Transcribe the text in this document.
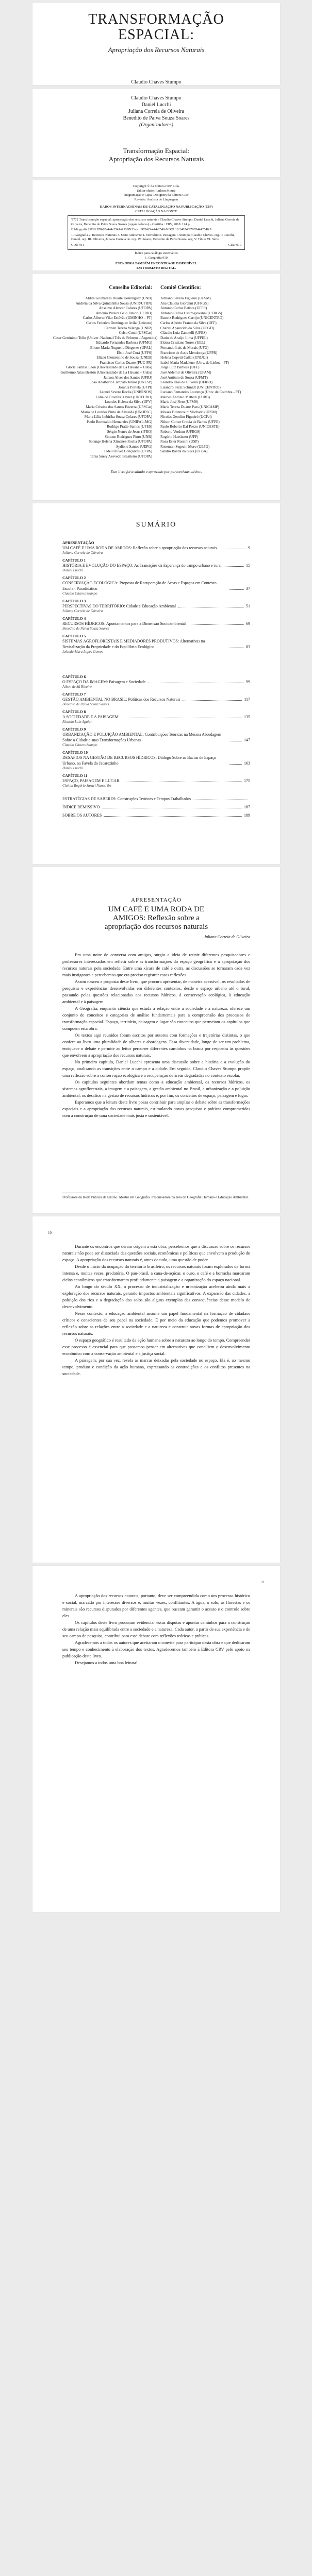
TRANSFORMAÇÃO
ESPACIAL:
Apropriação dos Recursos Naturais
Claudio Chaves Stumpo
Claudio Chaves Stumpo
Daniel Lucchi
Juliana Correia de Oliveira
Benedito de Paiva Souza Soares
(Organizadores)
Transformação Espacial:
Apropriação dos Recursos Naturais
Copyright © da Editora CRV Ltda.
Editor-chefe: Railson Moura
Diagramação e Capa: Designers da Editora CRV
Revisão: Analista de Linguagem
DADOS INTERNACIONAIS DE CATALOGAÇÃO NA PUBLICAÇÃO (CIP)
CATALOGAÇÃO NA FONTE
T772 Transformação espacial: apropriação dos recursos naturais / Claudio Chaves Stumpo, Daniel Lucchi, Juliana Correia de Oliveira, Benedito de Paiva Souza Soares (organizadores) – Curitiba : CRV, 2018. 194 p.
Bibliografia ISBN 978-85-444-2541-6 ISBN Físico 978-85-444-2540-9 DOI 10.24824/978854442540.9
1. Geografia 2. Recursos Naturais 3. Meio Ambiente 4. Território 5. Paisagem I. Stumpo, Claudio Chaves. org. II. Lucchi, Daniel. org. III. Oliveira, Juliana Correia de. org. IV. Soares, Benedito de Paiva Souza. org. V. Título VI. Série
CDU 911	CDD 910
Índice para catálogo sistemático
1. Geografia 910
ESTA OBRA TAMBÉM ENCONTRA-SE DISPONÍVEL
EM FORMATO DIGITAL.
Conselho Editorial: Comitê Científico:
Aldira Guimarães Duarte Domínguez (UNB)
Andréia da Silva Quintanilha Sousa (UNIR/UFRN)
Anselmo Alencar Colares (UFOPA)
Antônio Pereira Gaio Júnior (UFRRJ)
Carlos Alberto Vilar Estêvão (UMINHO – PT)
Carlos Federico Dominguez Avila (Unieuro)
Carmen Tereza Velanga (UNIR)
Celso Conti (UFSCar)
Cesar Gerónimo Tello (Univer .Nacional Três de Febrero – Argentina)
Eduardo Fernandes Barbosa (UFMG)
Elione Maria Nogueira Diogenes (UFAL)
Élsio José Corá (UFFS)
Elizeu Clementino de Souza (UNEB)
Francisco Carlos Duarte (PUC-PR)
Gloria Fariñas León (Universidade de La Havana – Cuba)
Guillermo Arias Beatón (Universidade de La Havana – Cuba)
Jailson Alves dos Santos (UFRJ)
João Adalberto Campato Junior (UNESP)
Josania Portela (UFPI)
Leonel Severo Rocha (UNISINOS)
Lídia de Oliveira Xavier (UNIEURO)
Lourdes Helena da Silva (UFV)
Maria Cristina dos Santos Bezerra (UFSCar)
Maria de Lourdes Pinto de Almeida (UNOESC)
Maria Lília Imbiriba Sousa Colares (UFOPA)
Paulo Romualdo Hernandes (UNIFAL-MG)
Rodrigo Pratte-Santos (UFES)
Sérgio Nunes de Jesus (IFRO)
Simone Rodrigues Pinto (UNB)
Solange Helena Ximenes-Rocha (UFOPA)
Sydione Santos (UEPG)
Tadeu Oliver Gonçalves (UFPA)
Tania Suely Azevedo Brasileiro (UFOPA)
Adriano Severo Figueiró (UFSM)
Ana Cláudia Giordani (UFRGS)
Antonio Carlos Batista (UFPR)
Antonio Carlos Castrogiovanni (UFRGS)
Beatriz Rodrigues Carrijo (UNICENTRO)
Carlos Alberto Franco da Silva (UFF)
Charlei Aparecido da Silva (UFGD)
Cláudio Luiz Zanotelli (UFES)
Dario de Araújo Lima (UFPEL)
Eloiza Cristiane Torres (UEL)
Fernando Luis de Morais (UFG)
Francisco de Assis Mendonça (UFPR)
Helena Copetti Callai (UNIJUI)
Isabel Maria Madaleno (Univ. de Lisboa - PT)
Jorge Luiz Barbosa (UFF)
José Aldemir de Oliveira (UFAM)
José Antônio de Souza (UFMT)
Leandro Dias de Oliveira (UFRRJ)
Lisandro Pezzi Schmidt (UNICENTRO)
Luciano Fernandes Lourenço (Univ. de Coimbra - PT)
Marcos Antônio Mattedi (FURB)
Maria José Neto (UFMS)
Maria Tereza Duarte Paes (UNICAMP)
Moisés Bittencourt Machado (UFSM)
Nicolas Gemfim Figueiró (UCPel)
Nilson Cortez Crocia de Barros (UFPE)
Paulo Roberto Dal Pozzo (UNIOESTE)
Roberto Verdum (UFRGS)
Rogério Haesbaert (UFF)
Rosa Ester Rossini (USP)
Rosemeri Segecin Moro (UEPG)
Sandro Baetta da Silva (UFBA)
Este livro foi avaliado e aprovado por pareceristas ad hoc.
SUMÁRIO
APRESENTAÇÃO
UM CAFÉ E UMA RODA DE AMIGOS: Reflexão sobre a apropriação dos recursos naturais	9
Juliana Correia de Oliveira
CAPÍTULO 1
HISTÓRIA E EVOLUÇÃO DO ESPAÇO: As Transições da Esperança do campo urbano e rural	15
Daniel Lucchi
CAPÍTULO 2
CONSERVAÇÃO ECOLÓGICA: Proposta de Recuperação de Áreas e Espaços em Contexto Escolar, Paradidático	37
Claudio Chaves Stumpo
CAPÍTULO 3
PERSPECTIVAS DO TERRITÓRIO: Cidade e Educação Ambiental	51
Juliana Correia de Oliveira
CAPÍTULO 4
RECURSOS HÍDRICOS: Apontamentos para a Dimensão Socioambiental	69
Benedito de Paiva Souza Soares
CAPÍTULO 5
SISTEMAS AGROFLORESTAIS E MEDIADORES PRODUTIVOS: Alternativas na Revitalização da Propriedade e do Equilíbrio Ecológico	83
Iolanda Mara Lopes Gomes
CAPÍTULO 6
O ESPAÇO DA IMAGEM: Paisagem e Sociedade	99
Ailton de Sá Ribeiro
CAPÍTULO 7
GESTÃO AMBIENTAL NO BRASIL: Políticas dos Recursos Naturais	117
Benedito de Paiva Souza Soares
CAPÍTULO 8
A SOCIEDADE E A PAISAGEM	135
Ricardo Luiz Aguiar
CAPÍTULO 9
URBANIZAÇÃO E POLUIÇÃO AMBIENTAL: Contribuições Teóricas na Mesma Abordagem Sobre a Cidade e suas Transformações Urbanas	147
Claudio Chaves Stumpo
CAPÍTULO 10
DESAFIOS NA GESTÃO DE RECURSOS HÍDRICOS: Diálogo Sobre as Bacias de Espaço Urbano, na Favela do Jacarezinho	163
Daniel Lucchi
CAPÍTULO 11
ESPAÇO, PAISAGEM E LUGAR	175
Cleiton Rogério Juraci Nunes Vez
ESTRATÉGIAS DE SABERES: Construções Teóricas e Tempos Trabalhados
ÍNDICE REMISSIVO	187
SOBRE OS AUTORES	189
APRESENTAÇÃO
UM CAFÉ E UMA RODA DE
AMIGOS: Reflexão sobre a
apropriação dos recursos naturais
Juliana Correia de Oliveira

Em uma noite de conversa com amigos, surgiu a ideia de reunir diferentes pesquisadores e professores interessados em refletir sobre as transformações do espaço geográfico e a apropriação dos recursos naturais pela sociedade. Entre uma xícara de café e outra, as discussões se tornaram cada vez mais instigantes e percebemos que era preciso registrar essas reflexões.

Assim nasceu a proposta deste livro, que procura apresentar, de maneira acessível, os resultados de pesquisas e experiências desenvolvidas em diferentes contextos, desde o espaço urbano até o rural, passando pelas questões relacionadas aos recursos hídricos, à conservação ecológica, à educação ambiental e à paisagem.

A Geografia, enquanto ciência que estuda a relação entre a sociedade e a natureza, oferece um conjunto de conceitos e categorias de análise fundamentais para a compreensão dos processos de transformação espacial. Espaço, território, paisagem e lugar são conceitos que permeiam os capítulos que compõem esta obra.

Os textos aqui reunidos foram escritos por autores com formações e trajetórias distintas, o que confere ao livro uma pluralidade de olhares e abordagens. Essa diversidade, longe de ser um problema, enriquece o debate e permite ao leitor percorrer diferentes caminhos na busca por respostas às questões que envolvem a apropriação dos recursos naturais.

No primeiro capítulo, Daniel Lucchi apresenta uma discussão sobre a história e a evolução do espaço, analisando as transições entre o campo e a cidade. Em seguida, Claudio Chaves Stumpo propõe uma reflexão sobre a conservação ecológica e a recuperação de áreas degradadas no contexto escolar.

Os capítulos seguintes abordam temas como a educação ambiental, os recursos hídricos, os sistemas agroflorestais, a imagem e a paisagem, a gestão ambiental no Brasil, a urbanização e a poluição ambiental, os desafios na gestão de recursos hídricos e, por fim, os conceitos de espaço, paisagem e lugar.

Esperamos que a leitura deste livro possa contribuir para ampliar o debate sobre as transformações espaciais e a apropriação dos recursos naturais, estimulando novas pesquisas e práticas comprometidas com a construção de uma sociedade mais justa e sustentável.

Professora da Rede Pública de Ensino. Mestre em Geografia. Pesquisadora na área de Geografia Humana e Educação Ambiental.
10

Durante os encontros que deram origem a esta obra, percebemos que a discussão sobre os recursos naturais não pode ser dissociada das questões sociais, econômicas e políticas que envolvem a produção do espaço. A apropriação dos recursos naturais é, antes de tudo, uma questão de poder.

Desde o início da ocupação do território brasileiro, os recursos naturais foram explorados de forma intensa e, muitas vezes, predatória. O pau-brasil, a cana-de-açúcar, o ouro, o café e a borracha marcaram ciclos econômicos que transformaram profundamente a paisagem e a organização do espaço nacional.

Ao longo do século XX, o processo de industrialização e urbanização acelerou ainda mais a exploração dos recursos naturais, gerando impactos ambientais significativos. A expansão das cidades, a poluição dos rios e a degradação dos solos são alguns exemplos das consequências desse modelo de desenvolvimento.

Nesse contexto, a educação ambiental assume um papel fundamental na formação de cidadãos críticos e conscientes de seu papel na sociedade. É por meio da educação que podemos promover a reflexão sobre as relações entre a sociedade e a natureza e construir novas formas de apropriação dos recursos naturais.

O espaço geográfico é resultado da ação humana sobre a natureza ao longo do tempo. Compreender esse processo é essencial para que possamos pensar em alternativas que conciliem o desenvolvimento econômico com a conservação ambiental e a justiça social.

A paisagem, por sua vez, revela as marcas deixadas pela sociedade no espaço. Ela é, ao mesmo tempo, produto e condição da ação humana, expressando as contradições e os conflitos presentes na sociedade.

11

A apropriação dos recursos naturais, portanto, deve ser compreendida como um processo histórico e social, marcado por interesses diversos e, muitas vezes, conflitantes. A água, o solo, as florestas e os minerais são recursos disputados por diferentes agentes, que buscam garantir o acesso e o controle sobre eles.

Os capítulos deste livro procuram evidenciar essas disputas e apontar caminhos para a construção de uma relação mais equilibrada entre a sociedade e a natureza. Cada autor, a partir de sua experiência e de seu campo de pesquisa, contribui para esse debate com reflexões teóricas e práticas.

Agradecemos a todos os autores que aceitaram o convite para participar desta obra e que dedicaram seu tempo e conhecimento à elaboração dos textos. Agradecemos também à Editora CRV pelo apoio na publicação deste livro.

Desejamos a todos uma boa leitura!
